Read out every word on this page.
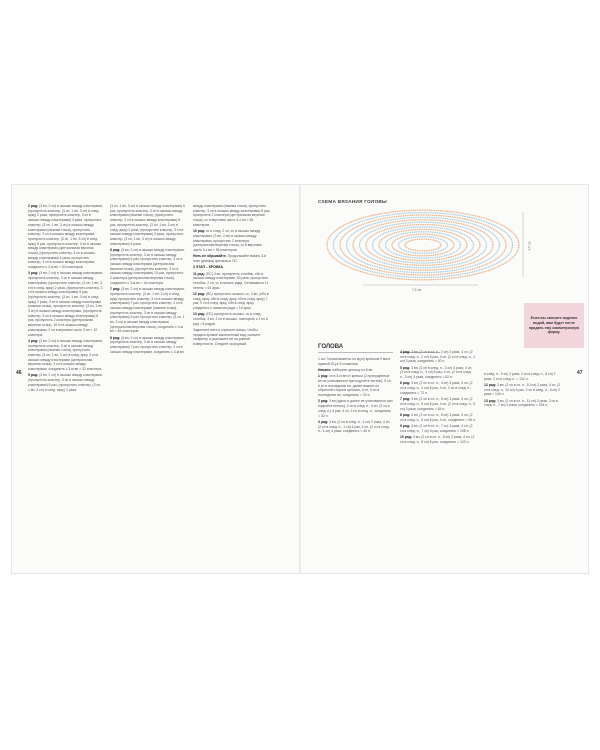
2 ряд: (3 вп, 2 сн) в окошко между кластерами, (пропустить кластер, (3 сн, 1 вп, 3 сн) в след. арку) 2 раза, пропустить кластер, 3 сн в окошко между кластерами) 4 раза, пропустить кластер, (3 сн, 1 вп, 3 сн) в окошко между кластерами (нижняя точка), пропустить кластер, 3 сн в окошко между кластерами, пропустить кластер, (3 сн, 1 вп, 3 сн) в след. арку) 8 раз, пропустить кластер, 3 сн в окошко между кластерами (центральная верхняя точка), (пропустить кластер, 3 сн в окошко между кластерами) 4 раза, пропустить кластер, 3 сн в окошко между кластерами, соединить с 3-м вп = 20 кластеров.

3 ряд: (3 вп, 2 сн) в окошко между кластерами, пропустить кластер, 3 сн в окошко между кластерами, (пропустить кластер, (3 сн, 1 вп, 3 сн) в след. арку) 2 раза, (пропустить кластер, 3 сн в окошко между кластерами) 5 раз, (пропустить кластер, (3 сн, 1 вп, 3 сн) в след. арку) 2 раза, 3 сн в окошко между кластерами (нижняя точка), пропустить кластер, (3 сн, 1 вп, 3 сн) в окошко между кластерами, (пропустить кластер, 3 сн в окошко между кластерами) 8 раз, пропустить 2 кластера (центральная верхняя точка), 15 сн в окошко между кластерами, 2 сн в верхнюю часть 3 вп = 32 кластера.

4 ряд: (3 вп, 2 сн) в окошко между кластерами, пропустить кластер, 3 сн в окошко между кластерами (нижняя точка), пропустить кластер, (3 сн, 1 вп, 3 сн) в след. арку, 3 сн в окошко между кластерами (центральная верхняя точка), 3 сн в окошко между кластерами, соединить с 3-м вп = 32 кластера.

5 ряд: (3 вп, 2 сн) в окошко между кластерами, (пропустить кластер, 3 сн в окошко между кластерами) 5 раз, (пропустить кластер, (3 сн, 1 вп, 3 сн) в след. арку) 2 раза.

(3 сн, 1 вп, 3 сн) в окошко между кластерами) 6 раз, пропустить кластер, 3 сн в окошко между кластерами (нижняя точка), (пропустить кластер, 3 сн в окошко между кластерами) 8 раз, пропустить кластер, (3 сн, 1 вп, 3 сн) в след. арку) 2 раза, (пропустить кластер, 3 сн в окошко между кластерами) 4 раза, пропустить кластер, (3 сн, 1 вп, 3 сн) в окошко между кластерами) 4 раза.

6 ряд: (3 вп, 2 сн) в окошко между кластерами, (пропустить кластер, 3 сн в окошко между кластерами) 6 раз, пропустить кластер, 3 сн в окошко между кластерами (центральная верхняя точка), (пропустить кластер, 3 сн в окошко между кластерами) 10 раз, пропустить 2 кластера (центральная верхняя точка), соединить с 3-м вп = 44 кластера.

7 ряд: (3 вп, 2 сн) в окошко между кластерами, пропустить кластер, (3 сн, 1 вп, 3 сн) в след. арку, пропустить кластер, 3 сн в окошко между кластерами) 7 раз, пропустить кластер, 3 сн в окошко между кластерами (нижняя точка), (пропустить кластер, 3 сн в окошко между кластерами) 5 раз, пропустить кластер, (3 сн, 1 вп, 3 сн) в окошко между кластерами (центральная верхняя точка), соединить с 3-м вп = 48 кластеров.

8 ряд: (3 вп, 2 сн) в окошко между кластерами, (пропустить кластер, 3 сн в окошко между кластерами) 7 раз, пропустить кластер, 3 сн в окошко между кластерами, соединить с 3-м вп.

между кластерами (нижняя точка), пропустить кластер, 3 сн в окошко между кластерами) 8 раз, пропустить 2 кластера (центральная верхняя точка), сс в верхнюю часть 3-х вп = 56 кластеров.

10 ряд: сс в след. 2 сн, сс в окошко между кластерами, (3 вп, 2 сн) в окошко между кластерами, пропустить 2 кластера (центральная верхняя точка), сс в верхнюю часть 3-х вп = 56 кластеров.

Нить не обрывайте. Продолжайте вязать 3-й этап (кромка) крючком в ПС.

3 ЭТАП – КРОМКА

11 ряд: (ПС) 3 вп, пропустить столбик, сбн в окошко между кластерами, 53 раза, пропустить столбик, 2 сн, сс в начало ряда. Оставшиеся 11 петель = 64 арки.

12 ряд: (ВС) пропустить окошко, сс, 2 вп, (сбн в след. арку, сбн в след. арку, сбн в след. арку) 7 раз, 9 сн в след. арку, сбн в след. арку, соединить с началом ряда = 16 арок.

13 ряд: (ПС) пропустить окошко, сс в след. столбик, 3 вп, 2 сн в окошко, повторить с 1 по 6 ряд = 8 рядов.

Закрепите нить и спрячьте концы. Чтобы придать кромке законченный вид, смочите салфетку и разложите её на ровной поверхности. Следите за формой.

46
СХЕМА ВЯЗАНИЯ ГОЛОВЫ
4,5 см
7,5 см
Если вы смочите изделие водой, вам будет легче придать ему симметричную форму.
ГОЛОВА

1 шт. Голова вяжется по кругу крючком 9 мм в прямой ОЦ в 3 сложения.

Начало: наберите цепочку из 8 вп.

1 ряд: сн в 3-ю вп от крючка (2 пропущенные вп не учитываются при подсчёте петель), 5 сн, 6 сн в последнюю вп, далее вяжите по обратной стороне цепочки, 4 сн, 5 сн в последнюю вп, соединить = 20 п.

2 ряд: 3 вп (здесь и далее не учитываются при подсчёте петель), 2 сн в след. п., 4 сн, (2 сн в след. п.) 6 раз, 4 сн, 2 сн в след. п., соединить = 32 п.

3 ряд: 3 вп, (2 сн в след. п., 1 сн) 2 раза, 4 сн, (2 сн в след. п., 1 сн) 6 раз, 4 сн, (2 сн в след. п., 1 сн) 4 раза, соединить = 40 п.

4 ряд: 3 вп, (2 сн в сл. п., 2 сн) 3 раза, 4 сн, (2 сн в след. п., 2 сн) 6 раз, 4 сн, (2 сн в след. п., 2 сн) 3 раза, соединить = 50 п.

5 ряд: 3 вп, (2 сн в след. п., 3 сн) 3 раза, 4 сн, (2 сн в след. п., 3 сн) 6 раз, 4 сн, (2 сн в след. п., 3 сн) 3 раза, соединить = 62 п.

6 ряд: 3 вп, (2 сн в сл. п., 4 сн) 3 раза, 4 сн, (2 сн в след. п., 4 сн) 6 раз, 4 сн, 2 сн в след. п., соединить = 72 п.

7 ряд: 3 вп, (2 сн в сл. п., 5 сн) 3 раза, 4 сн, (2 сн в след. п., 5 сн) 6 раз, 4 сн, (2 сн в след. п., 5 сн) 3 раза, соединить = 84 п.

8 ряд: 3 вп, (2 сн в сл. п., 6 сн) 3 раза, 4 сн, (2 сн в след. п., 6 сн) 6 раз, 4 сн, соединить = 96 п.

9 ряд: 3 вп, (2 сн в сл. п., 7 сн) 3 раза, 4 сн, (2 сн в след. п., 7 сн) 6 раз, соединить = 108 п.

10 ряд: 3 вп, (2 сн в сл. п., 8 сн) 3 раза, 4 сн, (2 сн в след. п., 8 сн) 6 раз, соединить = 120 п.

в след. п., 9 сн) 2 раза, 2 сн в след. п., 5 сн) 2 раза, 2 сн в след. п. = 132 п.

12 ряд: 3 вп, (2 сн в сл. п., 10 сн) 2 раза, 4 сн, (2 сн в след. п., 10 сн) 6 раз, 2 сн в след. п., 6 сн) 2 раза = 144 п.

13 ряд: 3 вп, (2 сн в сл. п., 11 сн) 2 раза, 2 сн в след. п., 7 сн) 2 раза, соединить = 154 п.

47
